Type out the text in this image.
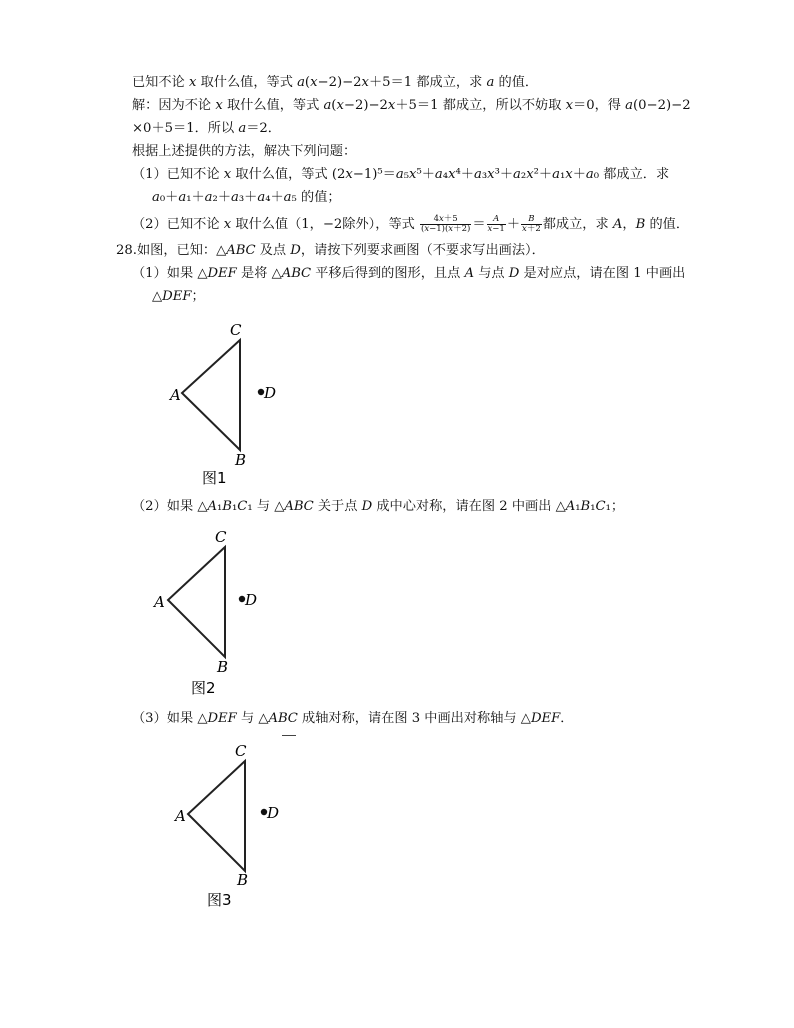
已知不论 𝑥 取什么值，等式 𝑎(𝑥−2)−2𝑥＋5＝1 都成立，求 𝑎 的值．
解：因为不论 𝑥 取什么值，等式 𝑎(𝑥−2)−2𝑥＋5＝1 都成立，所以不妨取 𝑥＝0，得 𝑎(0−2)−2
×0＋5＝1．所以 𝑎＝2．
根据上述提供的方法，解决下列问题：
（1）已知不论 𝑥 取什么值，等式 (2𝑥−1)⁵＝𝑎₅𝑥⁵＋𝑎₄𝑥⁴＋𝑎₃𝑥³＋𝑎₂𝑥²＋𝑎₁𝑥＋𝑎₀ 都成立．求
𝑎₀＋𝑎₁＋𝑎₂＋𝑎₃＋𝑎₄＋𝑎₅ 的值；
（2）已知不论 𝑥 取什么值（1，−2除外），等式 $\frac{\text{4𝑥＋5}}{\text{(𝑥−1)(𝑥＋2)}} = \frac{\text{𝐴}}{\text{𝑥−1}} + \frac{\text{𝐵}}{\text{𝑥＋2}}$ 都成立，求 𝐴，𝐵 的值．
28.如图，已知：△𝐴𝐵𝐶 及点 𝐷，请按下列要求画图（不要求写出画法）．
（1）如果 △𝐷𝐸𝐹 是将 △𝐴𝐵𝐶 平移后得到的图形，且点 𝐴 与点 𝐷 是对应点，请在图 1 中画出
△𝐷𝐸𝐹；
C
A
B
D
图1
（2）如果 △𝐴₁𝐵₁𝐶₁ 与 △𝐴𝐵𝐶 关于点 𝐷 成中心对称，请在图 2 中画出 △𝐴₁𝐵₁𝐶₁；
C
A
B
D
图2
（3）如果 △𝐷𝐸𝐹 与 △𝐴𝐵𝐶 成轴对称，请在图 3 中画出对称轴与 △𝐷𝐸𝐹．
C
A
B
D
图3
